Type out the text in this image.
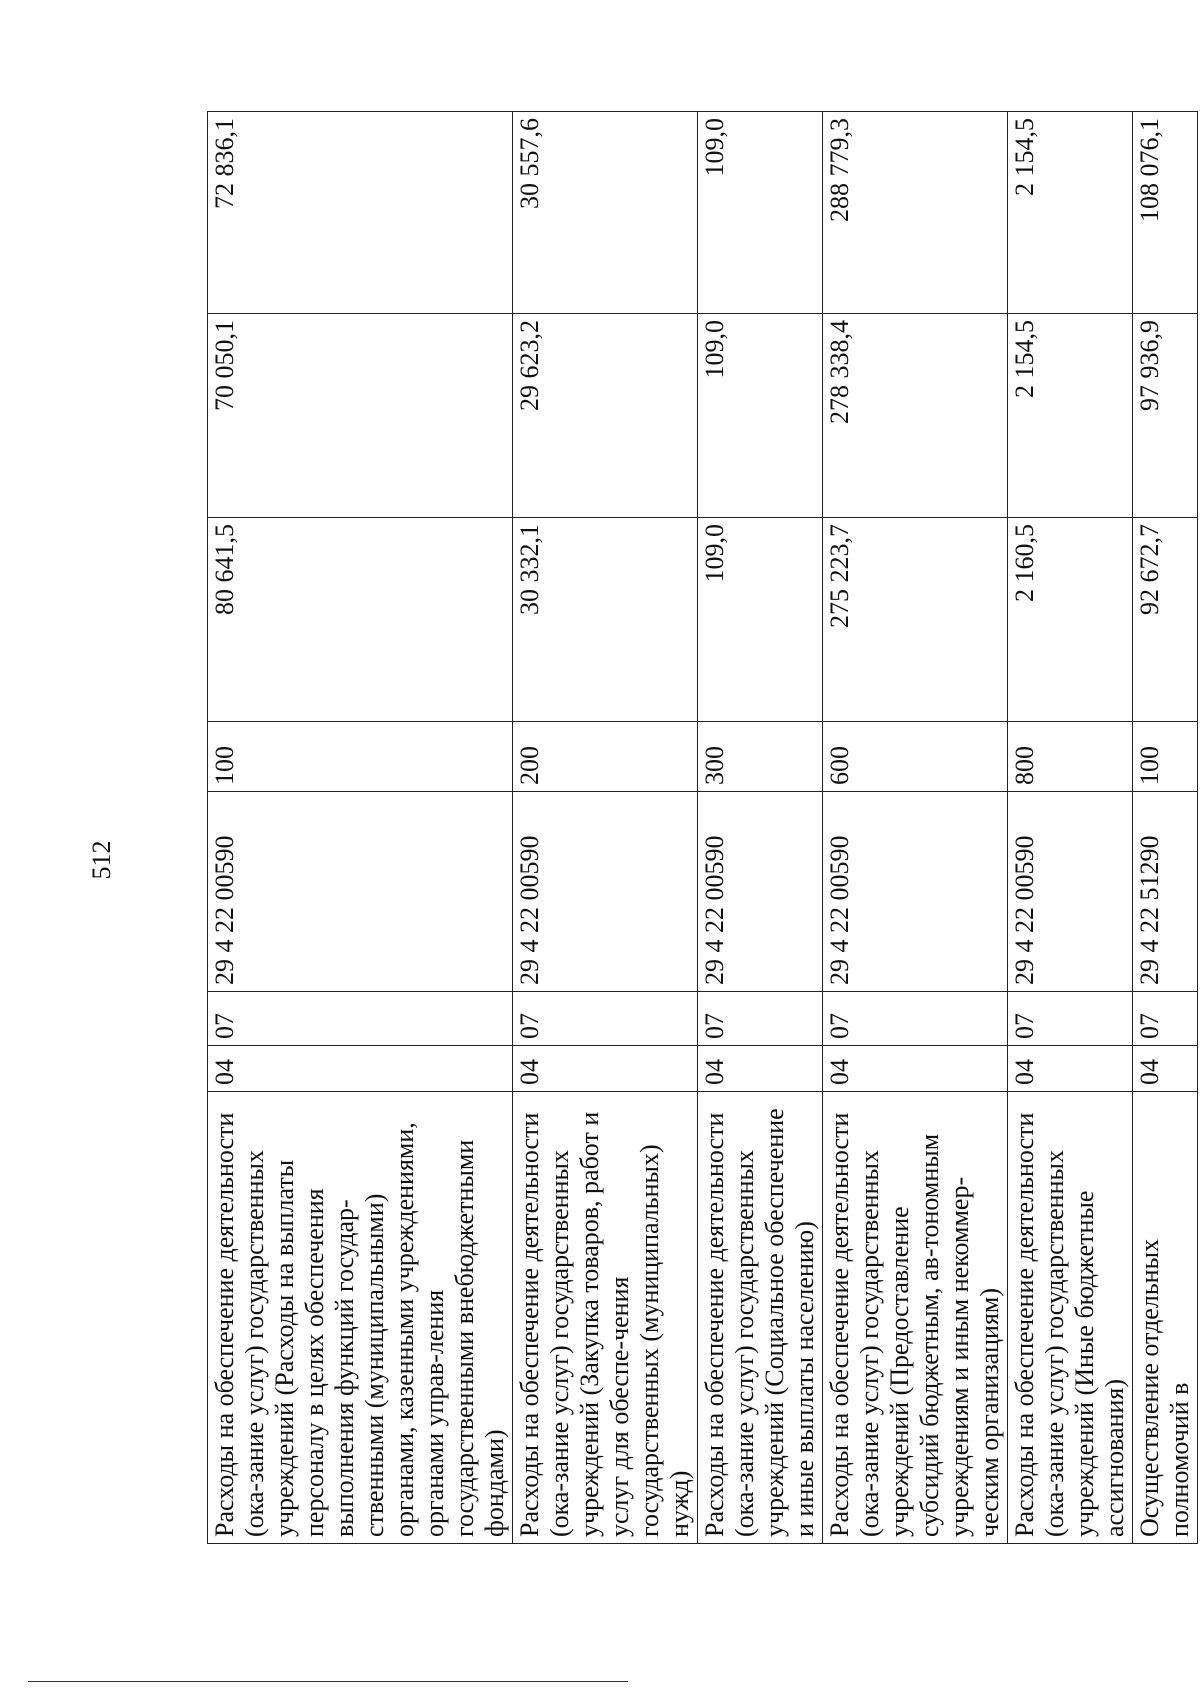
512
Расходы на обеспечение деятельности (ока-зание услуг) государственных учреждений (Расходы на выплаты персоналу в целях обеспечения выполнения функций государ-ственными (муниципальными) органами, казенными учреждениями, органами управ-ления государственными внебюджетными фондами)	04	07	29 4 22 00590	100	80 641,5	70 050,1	72 836,1
Расходы на обеспечение деятельности (ока-зание услуг) государственных учреждений (Закупка товаров, работ и услуг для обеспе-чения государственных (муниципальных) нужд)	04	07	29 4 22 00590	200	30 332,1	29 623,2	30 557,6
Расходы на обеспечение деятельности (ока-зание услуг) государственных учреждений (Социальное обеспечение и иные выплаты населению)	04	07	29 4 22 00590	300	109,0	109,0	109,0
Расходы на обеспечение деятельности (ока-зание услуг) государственных учреждений (Предоставление субсидий бюджетным, ав-тономным учреждениям и иным некоммер-ческим организациям)	04	07	29 4 22 00590	600	275 223,7	278 338,4	288 779,3
Расходы на обеспечение деятельности (ока-зание услуг) государственных учреждений (Иные бюджетные ассигнования)	04	07	29 4 22 00590	800	2 160,5	2 154,5	2 154,5
Осуществление отдельных полномочий в	04	07	29 4 22 51290	100	92 672,7	97 936,9	108 076,1
